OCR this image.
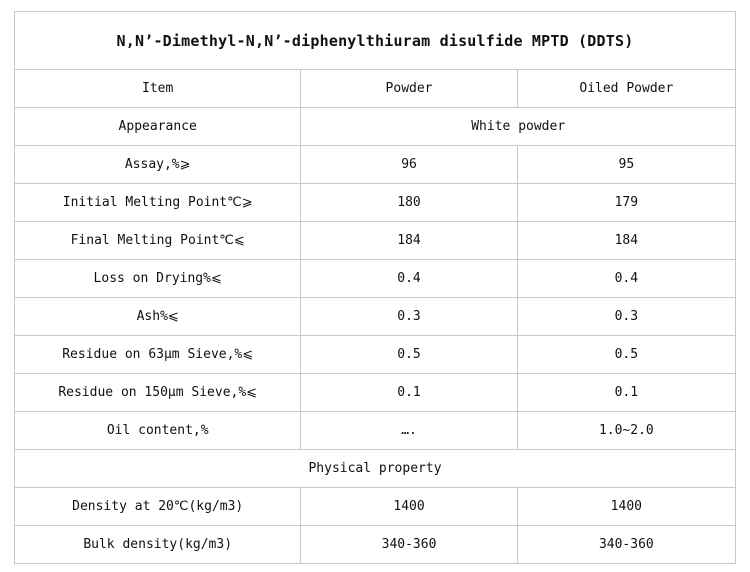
N,N’-Dimethyl-N,N’-diphenylthiuram disulfide MPTD (DDTS)		
Item	Powder	Oiled Powder
Appearance	White powder	
Assay,%⩾	96	95
Initial Melting Point℃⩾	180	179
Final Melting Point℃⩽	184	184
Loss on Drying%⩽	0.4	0.4
Ash%⩽	0.3	0.3
Residue on 63μm Sieve,%⩽	0.5	0.5
Residue on 150μm Sieve,%⩽	0.1	0.1
Oil content,%	….	1.0~2.0
Physical property		
Density at 20℃(kg/m3)	1400	1400
Bulk density(kg/m3)	340-360	340-360
